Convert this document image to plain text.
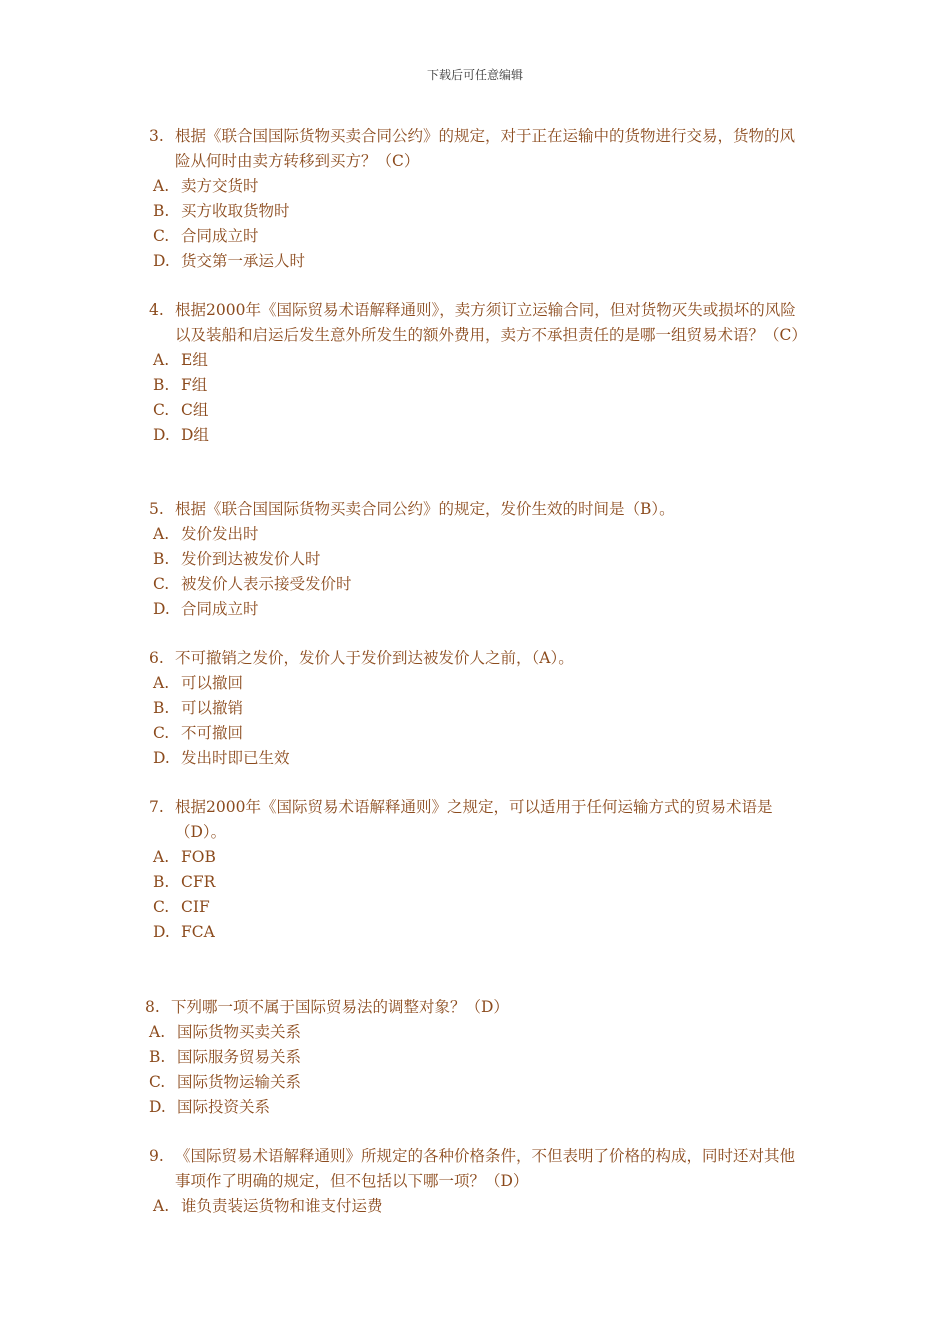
下载后可任意编辑
3. 根据《联合国国际货物买卖合同公约》的规定，对于正在运输中的货物进行交易，货物的风险从何时由卖方转移到买方？（C）
A. 卖方交货时
B. 买方收取货物时
C. 合同成立时
D. 货交第一承运人时
4. 根据2000年《国际贸易术语解释通则》，卖方须订立运输合同，但对货物灭失或损坏的风险以及装船和启运后发生意外所发生的额外费用，卖方不承担责任的是哪一组贸易术语？（C）
A. E组
B. F组
C. C组
D. D组
5. 根据《联合国国际货物买卖合同公约》的规定，发价生效的时间是（B）。
A. 发价发出时
B. 发价到达被发价人时
C. 被发价人表示接受发价时
D. 合同成立时
6. 不可撤销之发价，发价人于发价到达被发价人之前，（A）。
A. 可以撤回
B. 可以撤销
C. 不可撤回
D. 发出时即已生效
7. 根据2000年《国际贸易术语解释通则》之规定，可以适用于任何运输方式的贸易术语是（D）。
A. FOB
B. CFR
C. CIF
D. FCA
8. 下列哪一项不属于国际贸易法的调整对象？（D）
A. 国际货物买卖关系
B. 国际服务贸易关系
C. 国际货物运输关系
D. 国际投资关系
9. 《国际贸易术语解释通则》所规定的各种价格条件，不但表明了价格的构成，同时还对其他事项作了明确的规定，但不包括以下哪一项？（D）
A. 谁负责装运货物和谁支付运费
